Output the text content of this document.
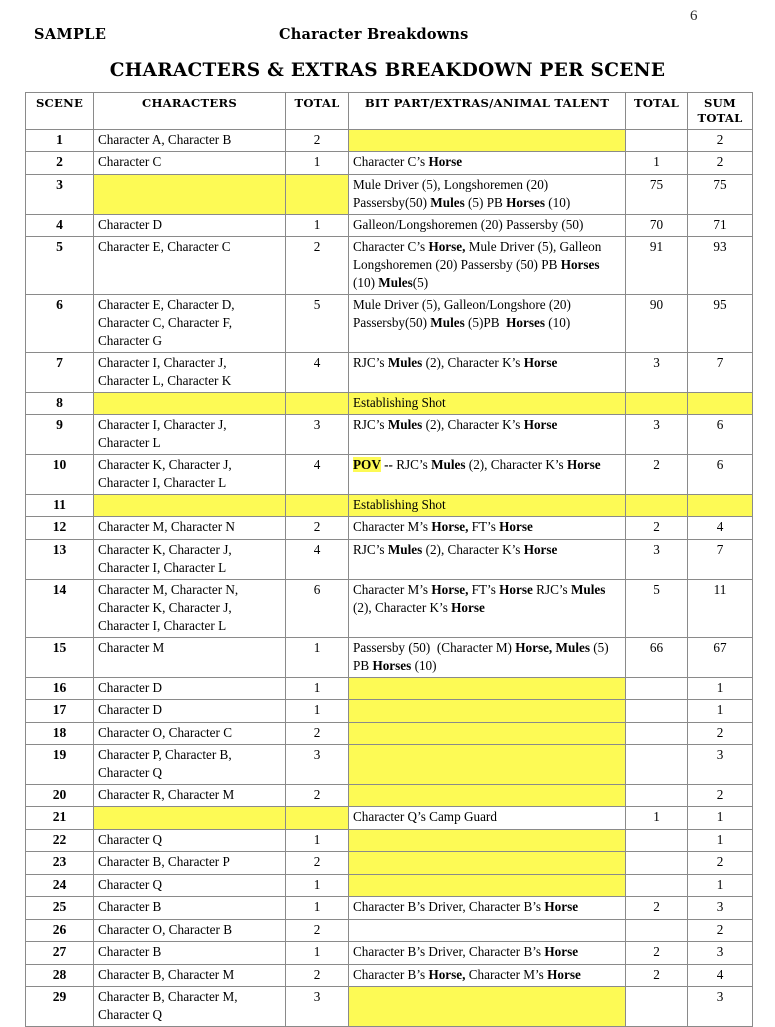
6
SAMPLE	Character Breakdowns
CHARACTERS & EXTRAS BREAKDOWN PER SCENE
SCENE	CHARACTERS	TOTAL	BIT PART/EXTRAS/ANIMAL TALENT	TOTAL	SUM TOTAL
1	Character A, Character B	2			2
2	Character C	1	Character C’s Horse	1	2
3			Mule Driver (5), Longshoremen (20) Passersby(50) Mules (5) PB Horses (10)	75	75
4	Character D	1	Galleon/Longshoremen (20) Passersby (50)	70	71
5	Character E, Character C	2	Character C’s Horse, Mule Driver (5), Galleon Longshoremen (20) Passersby (50) PB Horses (10) Mules(5)	91	93
6	Character E, Character D, Character C, Character F, Character G	5	Mule Driver (5), Galleon/Longshore (20) Passersby(50) Mules (5)PB  Horses (10)	90	95
7	Character I, Character J, Character L, Character K	4	RJC’s Mules (2), Character K’s Horse	3	7
8			Establishing Shot		
9	Character I, Character J, Character L	3	RJC’s Mules (2), Character K’s Horse	3	6
10	Character K, Character J, Character I, Character L	4	POV -- RJC’s Mules (2), Character K’s Horse	2	6
11			Establishing Shot		
12	Character M, Character N	2	Character M’s Horse, FT’s Horse	2	4
13	Character K, Character J, Character I, Character L	4	RJC’s Mules (2), Character K’s Horse	3	7
14	Character M, Character N, Character K, Character J, Character I, Character L	6	Character M’s Horse, FT’s Horse RJC’s Mules (2), Character K’s Horse	5	11
15	Character M	1	Passersby (50)  (Character M) Horse, Mules (5) PB Horses (10)	66	67
16	Character D	1			1
17	Character D	1			1
18	Character O, Character C	2			2
19	Character P, Character B, Character Q	3			3
20	Character R, Character M	2			2
21			Character Q’s Camp Guard	1	1
22	Character Q	1			1
23	Character B, Character P	2			2
24	Character Q	1			1
25	Character B	1	Character B’s Driver, Character B’s Horse	2	3
26	Character O, Character B	2			2
27	Character B	1	Character B’s Driver, Character B’s Horse	2	3
28	Character B, Character M	2	Character B’s Horse, Character M’s Horse	2	4
29	Character B, Character M, Character Q	3			3
